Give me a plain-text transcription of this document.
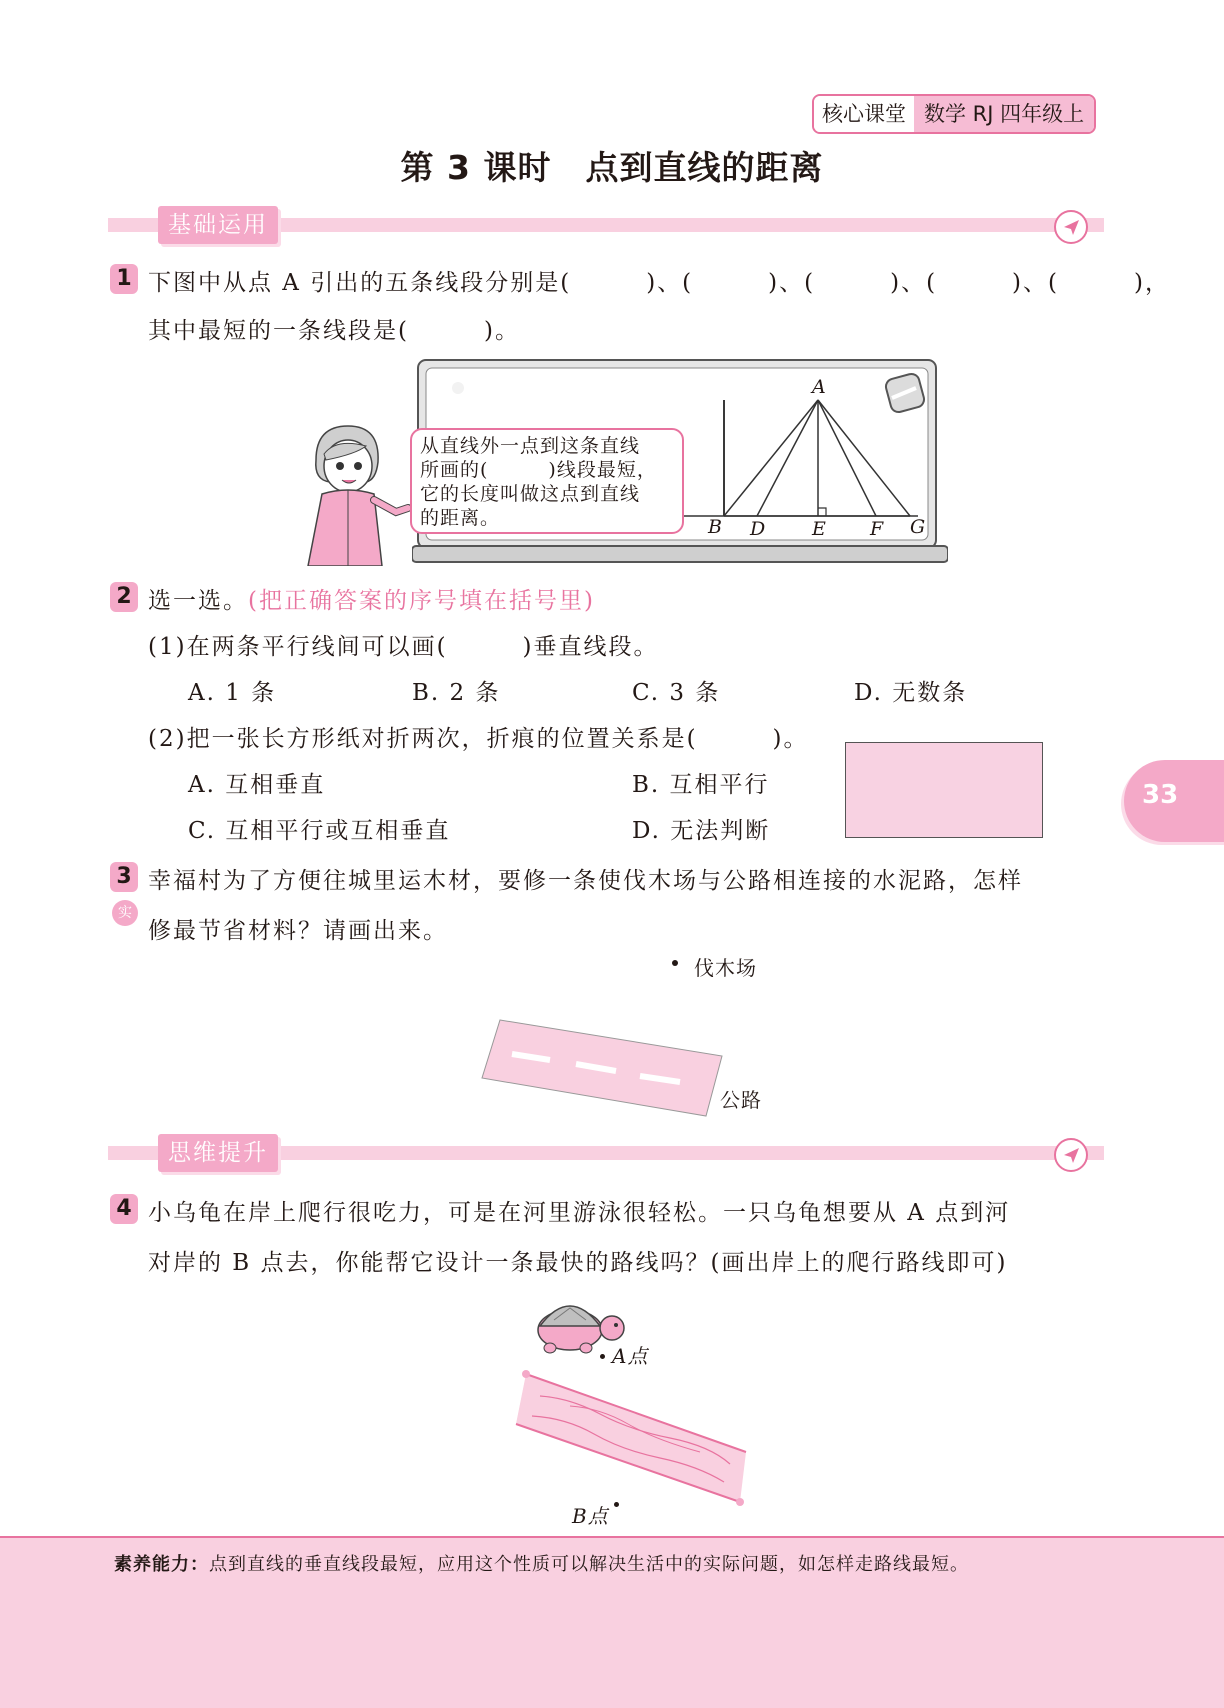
核心课堂 数学 RJ 四年级上
第 3 课时　点到直线的距离
基础运用
1 下图中从点 A 引出的五条线段分别是(　　　)、(　　　)、(　　　)、(　　　)、(　　　)，
其中最短的一条线段是(　　　)。
A
B D E F G
从直线外一点到这条直线
所画的(　　　)线段最短，
它的长度叫做这点到直线
的距离。
2 选一选。(把正确答案的序号填在括号里)
(1)在两条平行线间可以画(　　　)垂直线段。
A. 1 条	B. 2 条	C. 3 条	D. 无数条
(2)把一张长方形纸对折两次，折痕的位置关系是(　　　)。
A. 互相垂直	B. 互相平行
C. 互相平行或互相垂直	D. 无法判断
33
3
实
幸福村为了方便往城里运木材，要修一条使伐木场与公路相连接的水泥路，怎样
修最节省材料？请画出来。
伐木场
公路
思维提升
4 小乌龟在岸上爬行很吃力，可是在河里游泳很轻松。一只乌龟想要从 A 点到河
对岸的 B 点去，你能帮它设计一条最快的路线吗？(画出岸上的爬行路线即可)
A点
B点
素养能力：点到直线的垂直线段最短，应用这个性质可以解决生活中的实际问题，如怎样走路线最短。
